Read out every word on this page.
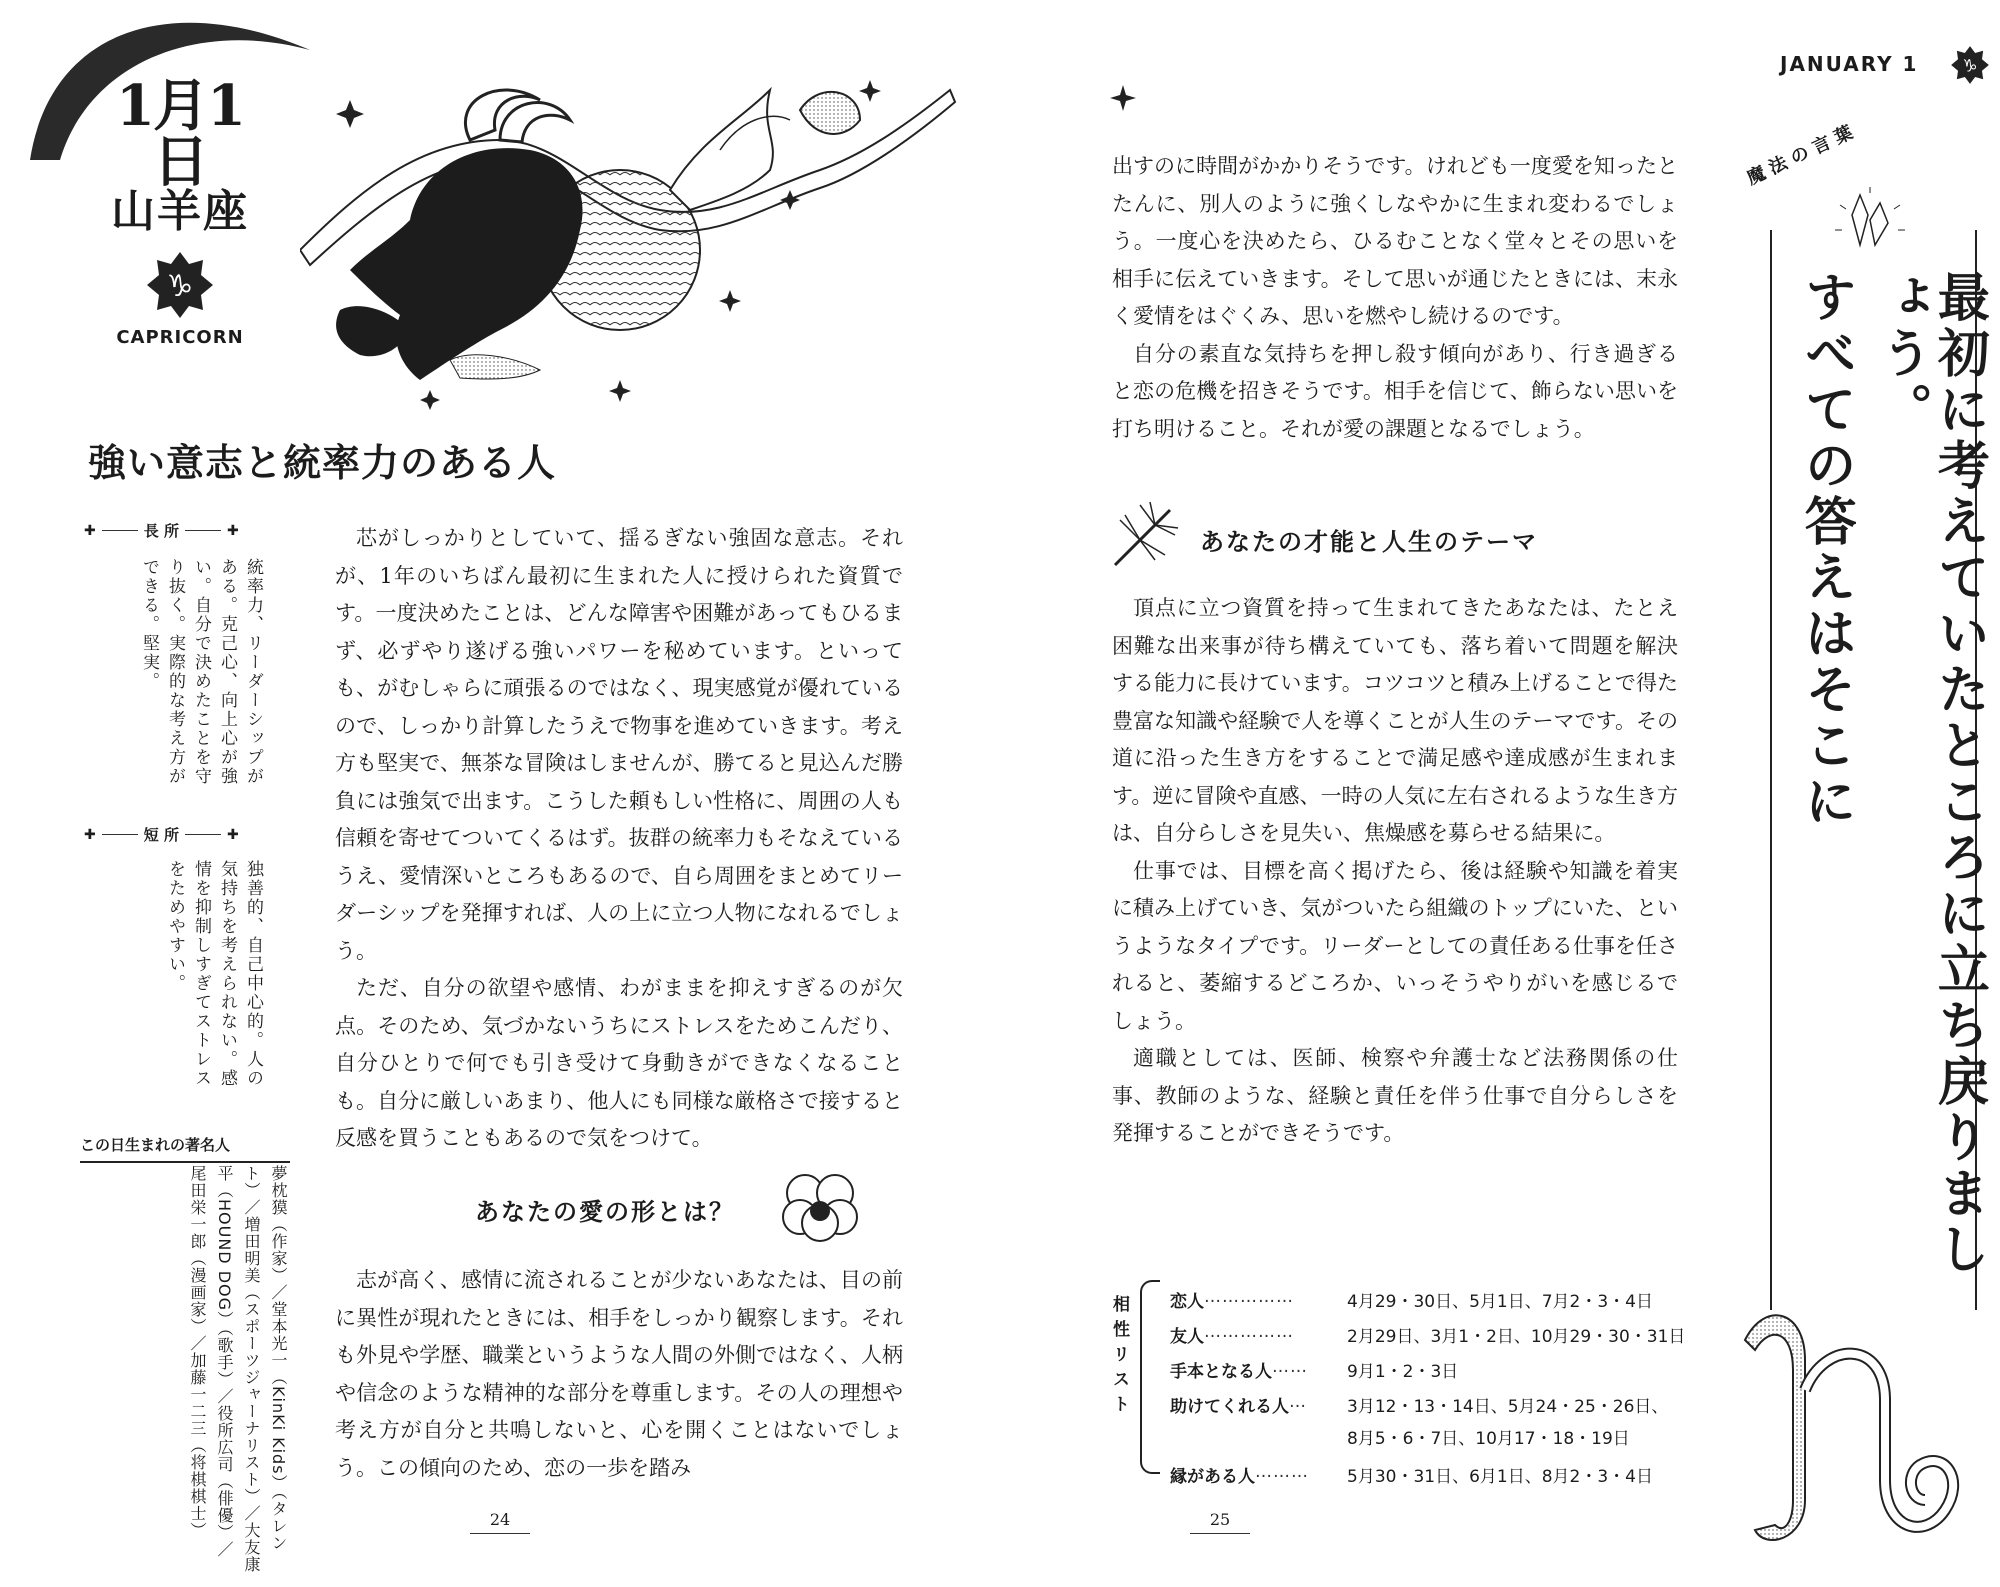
1月1日
山羊座
♑
CAPRICORN
強い意志と統率力のある人
✚	長 所	✚
統率力、リーダーシップがある。克己心、向上心が強い。自分で決めたことを守り抜く。実際的な考え方ができる。堅実。
✚	短 所	✚
独善的、自己中心的。人の気持ちを考えられない。感情を抑制しすぎてストレスをためやすい。
この日生まれの著名人
夢枕獏（作家）／堂本光一（KinKi Kids）（タレント）／増田明美（スポーツジャーナリスト）／大友康平（HOUND DOG）（歌手）／役所広司（俳優）／尾田栄一郎（漫画家）／加藤一二三（将棋棋士）

芯がしっかりとしていて、揺るぎない強固な意志。それが、1年のいちばん最初に生まれた人に授けられた資質です。一度決めたことは、どんな障害や困難があってもひるまず、必ずやり遂げる強いパワーを秘めています。といっても、がむしゃらに頑張るのではなく、現実感覚が優れているので、しっかり計算したうえで物事を進めていきます。考え方も堅実で、無茶な冒険はしませんが、勝てると見込んだ勝負には強気で出ます。こうした頼もしい性格に、周囲の人も信頼を寄せてついてくるはず。抜群の統率力もそなえているうえ、愛情深いところもあるので、自ら周囲をまとめてリーダーシップを発揮すれば、人の上に立つ人物になれるでしょう。

ただ、自分の欲望や感情、わがままを抑えすぎるのが欠点。そのため、気づかないうちにストレスをためこんだり、自分ひとりで何でも引き受けて身動きができなくなることも。自分に厳しいあまり、他人にも同様な厳格さで接すると反感を買うこともあるので気をつけて。

あなたの愛の形とは？

志が高く、感情に流されることが少ないあなたは、目の前に異性が現れたときには、相手をしっかり観察します。それも外見や学歴、職業というような人間の外側ではなく、人柄や信念のような精神的な部分を尊重します。その人の理想や考え方が自分と共鳴しないと、心を開くことはないでしょう。この傾向のため、恋の一歩を踏み

24
JANUARY 1 ♑

出すのに時間がかかりそうです。けれども一度愛を知ったとたんに、別人のように強くしなやかに生まれ変わるでしょう。一度心を決めたら、ひるむことなく堂々とその思いを相手に伝えていきます。そして思いが通じたときには、末永く愛情をはぐくみ、思いを燃やし続けるのです。

自分の素直な気持ちを押し殺す傾向があり、行き過ぎると恋の危機を招きそうです。相手を信じて、飾らない思いを打ち明けること。それが愛の課題となるでしょう。

あなたの才能と人生のテーマ

頂点に立つ資質を持って生まれてきたあなたは、たとえ困難な出来事が待ち構えていても、落ち着いて問題を解決する能力に長けています。コツコツと積み上げることで得た豊富な知識や経験で人を導くことが人生のテーマです。その道に沿った生き方をすることで満足感や達成感が生まれます。逆に冒険や直感、一時の人気に左右されるような生き方は、自分らしさを見失い、焦燥感を募らせる結果に。

仕事では、目標を高く掲げたら、後は経験や知識を着実に積み上げていき、気がついたら組織のトップにいた、というようなタイプです。リーダーとしての責任ある仕事を任されると、萎縮するどころか、いっそうやりがいを感じるでしょう。

適職としては、医師、検察や弁護士など法務関係の仕事、教師のような、経験と責任を伴う仕事で自分らしさを発揮することができそうです。

相性リスト 恋人 ……………	4月29・30日、5月1日、7月2・3・4日
友人 ……………	2月29日、3月1・2日、10月29・30・31日
手本となる人 …… 9月1・2・3日
助けてくれる人 … 3月12・13・14日、5月24・25・26日、
8月5・6・7日、10月17・18・19日
縁がある人 ……… 5月30・31日、6月1日、8月2・3・4日
25
魔法の言葉
最初に考えていたところに立ち戻りましょう。
すべての答えはそこに
